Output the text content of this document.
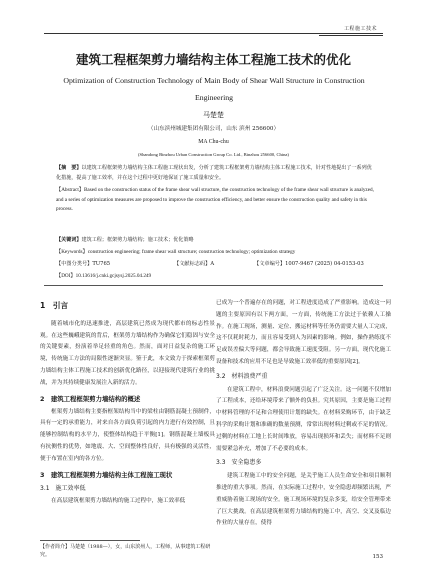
工程施工技术
建筑工程框架剪力墙结构主体工程施工技术的优化
Optimization of Construction Technology of Main Body of Shear Wall Structure in Construction Engineering
马楚楚
（山东滨州城建集团有限公司，山东 滨州 256600）
MA Chu-chu
(Shandong Binzhou Urban Construction Group Co. Ltd., Binzhou 256600, China)
【摘　要】以建筑工程框架剪力墙结构主体工程施工现状出发，分析了建筑工程框架剪力墙结构主体工程施工技术，针对性地提出了一系列优化措施，提高了施工效率，并在这个过程中更好地保证了施工质量和安全。
【Abstract】Based on the construction status of the frame shear wall structure, the construction technology of the frame shear wall structure is analyzed, and a series of optimization measures are proposed to improve the construction efficiency, and better ensure the construction quality and safety in this process.
【关键词】建筑工程；框架剪力墙结构；施工技术；优化策略
【Keywords】construction engineering; frame shear wall structure; construction technology; optimization strategy
【中图分类号】TU765	【文献标志码】A	【文章编号】1007-9467 (2025) 04-0153-03
【DOI】10.13616/j.cnki.gcjsysj.2025.04.249
1　引言

随着城市化的迅速推进，高层建筑已然成为现代都市的标志性景观。在这些巍峨建筑的背后，框架剪力墙结构作为确保它们稳固与安全的关键要素，扮演着举足轻重的角色。然而，面对日益复杂的施工环境，传统施工方法的局限性逐渐突显。鉴于此，本文致力于探索框架剪力墙结构主体工程施工技术的创新优化路径，以迎接现代建筑行业的挑战，并为其持续健康发展注入新的活力。

2　建筑工程框架剪力墙结构的概述

框架剪力墙结构主要指框架结构当中的梁柱由钢筋混凝土预制件，具有一定的承重能力，对来自各方面负荷引起的内力进行有效控制，且能够控制结构的水平力，使整体结构趋于平衡[1]。钢筋混凝土墙板具有抗侧性的优势，如地震、大、空间整体性良好，具有极强的灵活性，便于布置在室内的各方位。

3　建筑工程框架剪力墙结构主体工程施工现状
3.1　施工效率低

在高层建筑框架剪力墙结构的施工过程中，施工效率低

已成为一个普遍存在的问题，对工程进度造成了严重影响。造成这一问题的主要原因有以下两方面，一方面，传统施工方法过于依赖人工操作。在施工现场，测量、定位、搬运材料等任务仍需要大量人工完成，这不仅耗时耗力，而且容易受到人为因素的影响。例如，操作熟练度不足或误差偏大等问题，都会导致施工速度受阻。另一方面，现代化施工设备和技术的应用不足也是导致施工效率低的重要原因[2]。

3.2　材料浪费严重

在建筑工程中，材料浪费问题引起了广泛关注。这一问题不仅增加了工程成本，还给环境带来了额外的负担。究其原因，主要是施工过程中材料管理的不足和合理使用计划的缺失。在材料采购环节，由于缺乏科学的采购计划和准确的数量预测，常常出现材料过剩或不足的情况。过剩的材料在工地上长时间堆放，容易出现损坏和丢失；而材料不足则需要紧急补充，增加了不必要的成本。

3.3　安全隐患多

建筑工程施工中的安全问题，是关乎施工人员生命安全和项目顺利推进的重大事项。然而，在实际施工过程中，安全隐患却频繁出现，严重威胁着施工现场的安全。施工现场环境的复杂多变，给安全管理带来了巨大挑战。在高层建筑框架剪力墙结构的施工中，高空、交叉及临边作业的大量存在，使得

【作者简介】马楚楚（1988—），女，山东滨州人，工程师，从事建筑工程研究。	153
